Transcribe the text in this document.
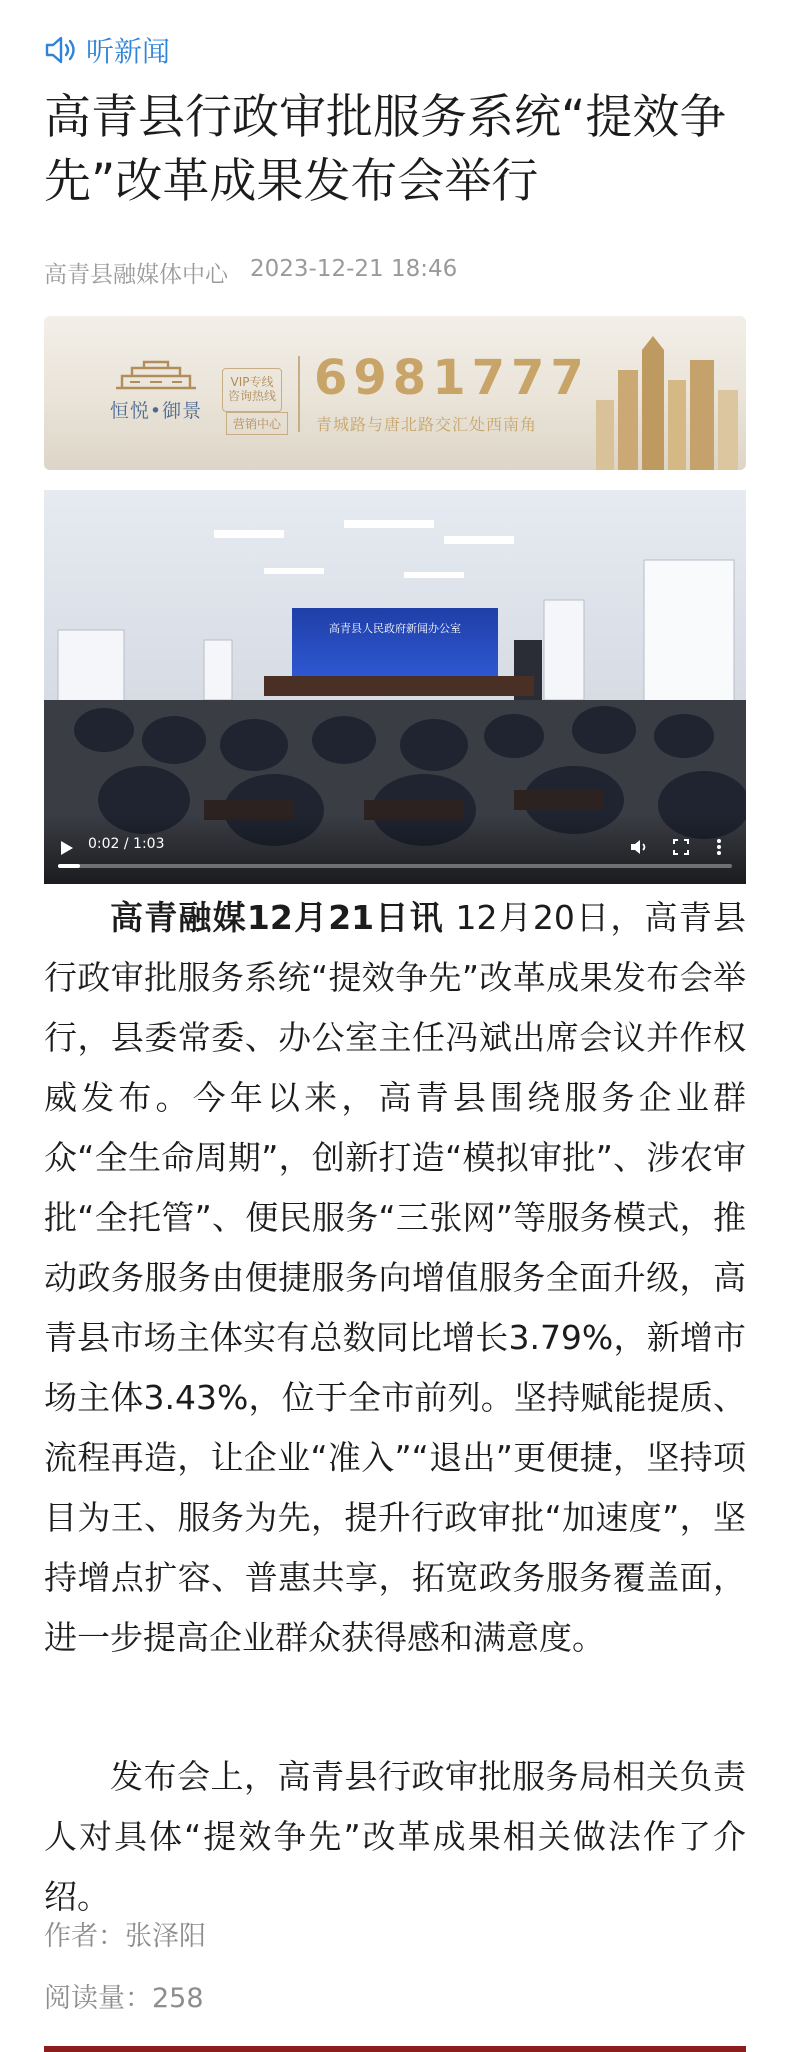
听新闻
高青县行政审批服务系统“提效争先”改革成果发布会举行
高青县融媒体中心 2023-12-21 18:46
恒悦•御景
VIP专线 咨询热线
营销中心
6981777
青城路与唐北路交汇处西南角
高青县人民政府新闻办公室
0:02 / 1:03

高青融媒12月21日讯 12月20日，高青县行政审批服务系统“提效争先”改革成果发布会举行，县委常委、办公室主任冯斌出席会议并作权威发布。今年以来，高青县围绕服务企业群众“全生命周期”，创新打造“模拟审批”、涉农审批“全托管”、便民服务“三张网”等服务模式，推动政务服务由便捷服务向增值服务全面升级，高青县市场主体实有总数同比增长3.79%，新增市场主体3.43%，位于全市前列。坚持赋能提质、流程再造，让企业“准入”“退出”更便捷，坚持项目为王、服务为先，提升行政审批“加速度”，坚持增点扩容、普惠共享，拓宽政务服务覆盖面，进一步提高企业群众获得感和满意度。

发布会上，高青县行政审批服务局相关负责人对具体“提效争先”改革成果相关做法作了介绍。

作者：张泽阳
阅读量：258
